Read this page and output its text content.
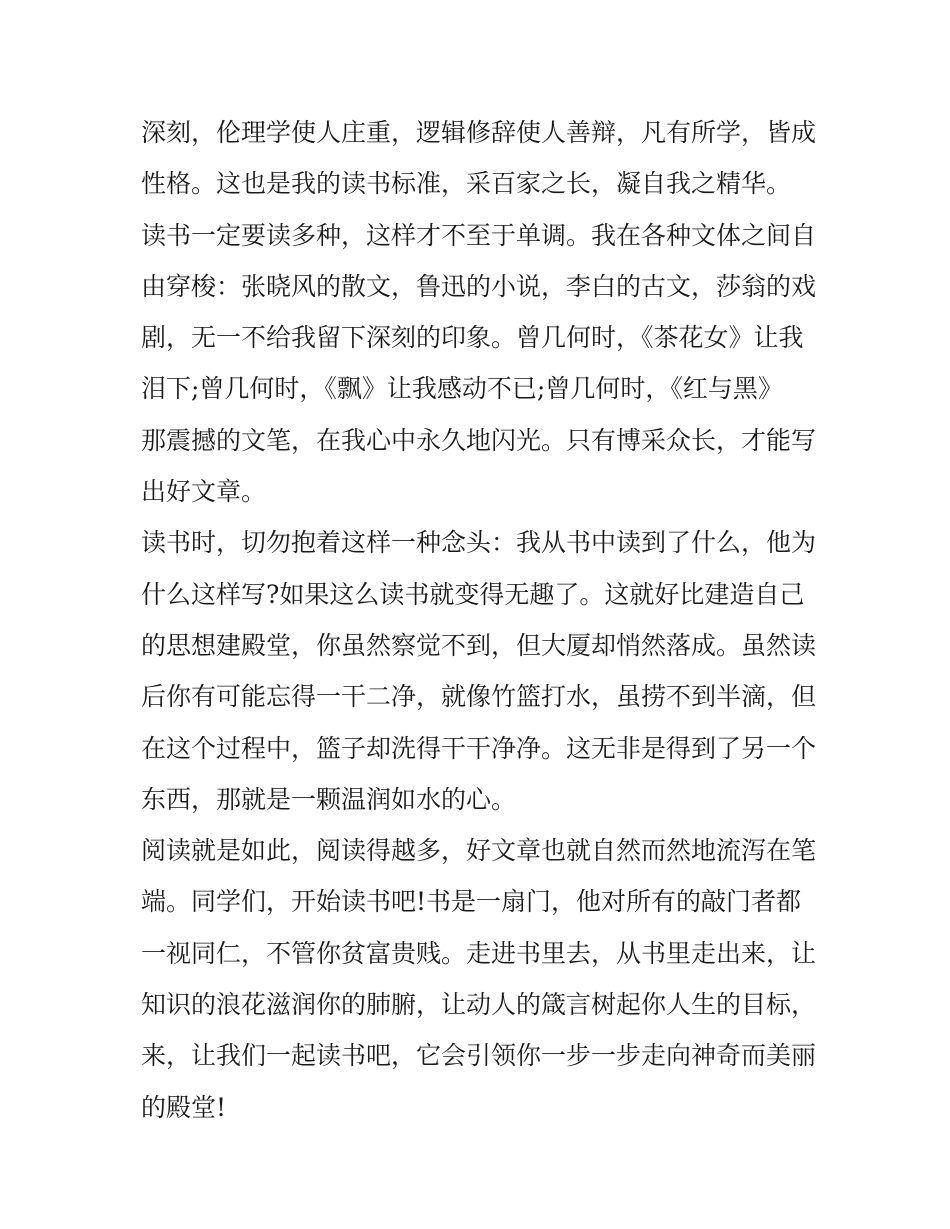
深刻，伦理学使人庄重，逻辑修辞使人善辩，凡有所学，皆成
性格。这也是我的读书标准，采百家之长，凝自我之精华。
读书一定要读多种，这样才不至于单调。我在各种文体之间自
由穿梭：张晓风的散文，鲁迅的小说，李白的古文，莎翁的戏
剧，无一不给我留下深刻的印象。曾几何时，《茶花女》让我
泪下;曾几何时，《飘》让我感动不已;曾几何时，《红与黑》
那震撼的文笔，在我心中永久地闪光。只有博采众长，才能写
出好文章。
读书时，切勿抱着这样一种念头：我从书中读到了什么，他为
什么这样写?如果这么读书就变得无趣了。这就好比建造自己
的思想建殿堂，你虽然察觉不到，但大厦却悄然落成。虽然读
后你有可能忘得一干二净，就像竹篮打水，虽捞不到半滴，但
在这个过程中，篮子却洗得干干净净。这无非是得到了另一个
东西，那就是一颗温润如水的心。
阅读就是如此，阅读得越多，好文章也就自然而然地流泻在笔
端。同学们，开始读书吧!书是一扇门，他对所有的敲门者都
一视同仁，不管你贫富贵贱。走进书里去，从书里走出来，让
知识的浪花滋润你的肺腑，让动人的箴言树起你人生的目标，
来，让我们一起读书吧，它会引领你一步一步走向神奇而美丽
的殿堂!
